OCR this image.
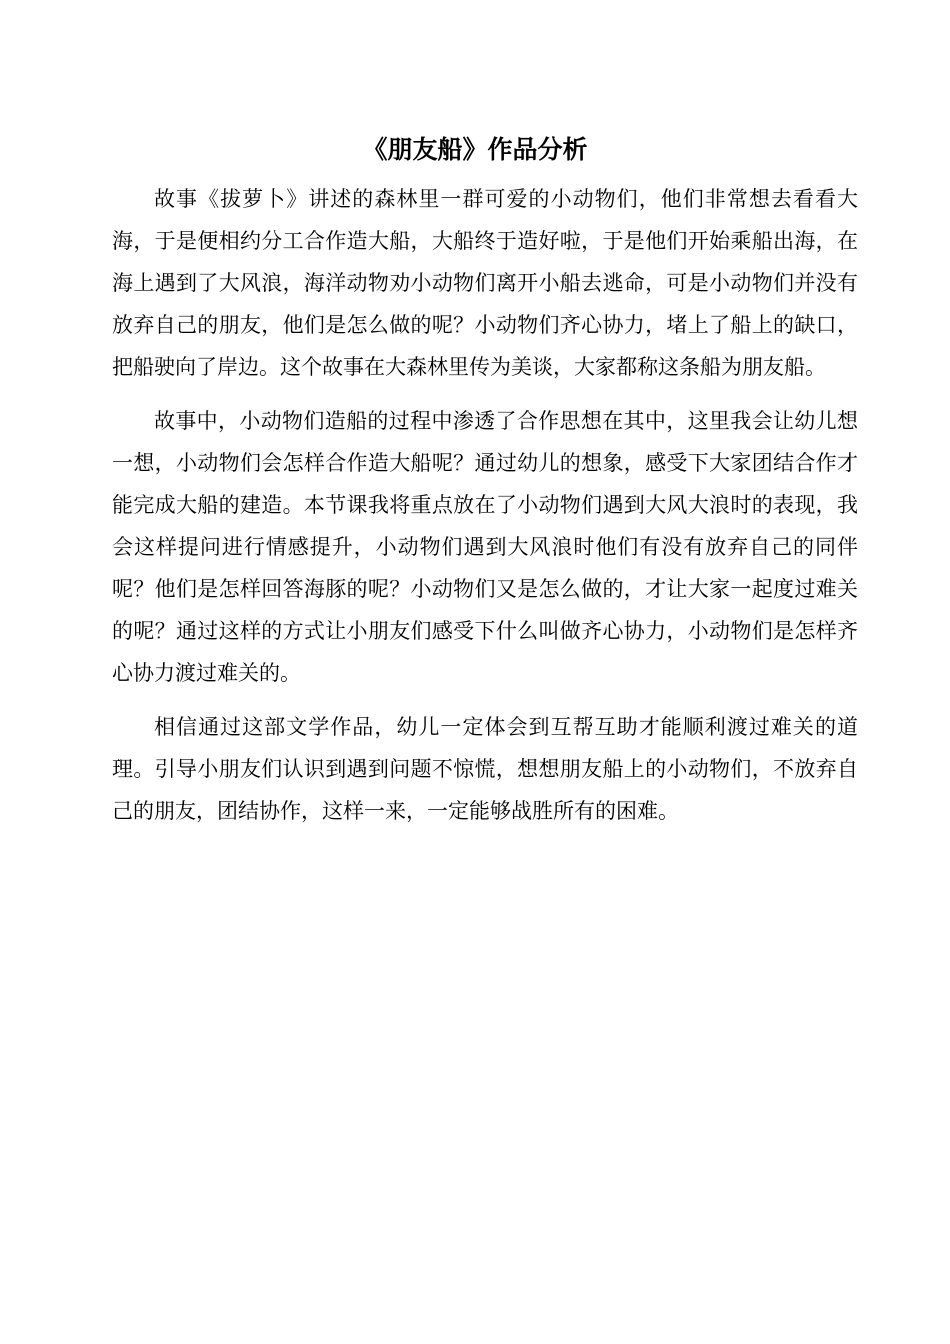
《朋友船》作品分析

故事《拔萝卜》讲述的森林里一群可爱的小动物们，他们非常想去看看大海，于是便相约分工合作造大船，大船终于造好啦，于是他们开始乘船出海，在海上遇到了大风浪，海洋动物劝小动物们离开小船去逃命，可是小动物们并没有放弃自己的朋友，他们是怎么做的呢？小动物们齐心协力，堵上了船上的缺口，把船驶向了岸边。这个故事在大森林里传为美谈，大家都称这条船为朋友船。

故事中，小动物们造船的过程中渗透了合作思想在其中，这里我会让幼儿想一想，小动物们会怎样合作造大船呢？通过幼儿的想象，感受下大家团结合作才能完成大船的建造。本节课我将重点放在了小动物们遇到大风大浪时的表现，我会这样提问进行情感提升，小动物们遇到大风浪时他们有没有放弃自己的同伴呢？他们是怎样回答海豚的呢？小动物们又是怎么做的，才让大家一起度过难关的呢？通过这样的方式让小朋友们感受下什么叫做齐心协力，小动物们是怎样齐心协力渡过难关的。

相信通过这部文学作品，幼儿一定体会到互帮互助才能顺利渡过难关的道理。引导小朋友们认识到遇到问题不惊慌，想想朋友船上的小动物们，不放弃自己的朋友，团结协作，这样一来，一定能够战胜所有的困难。
